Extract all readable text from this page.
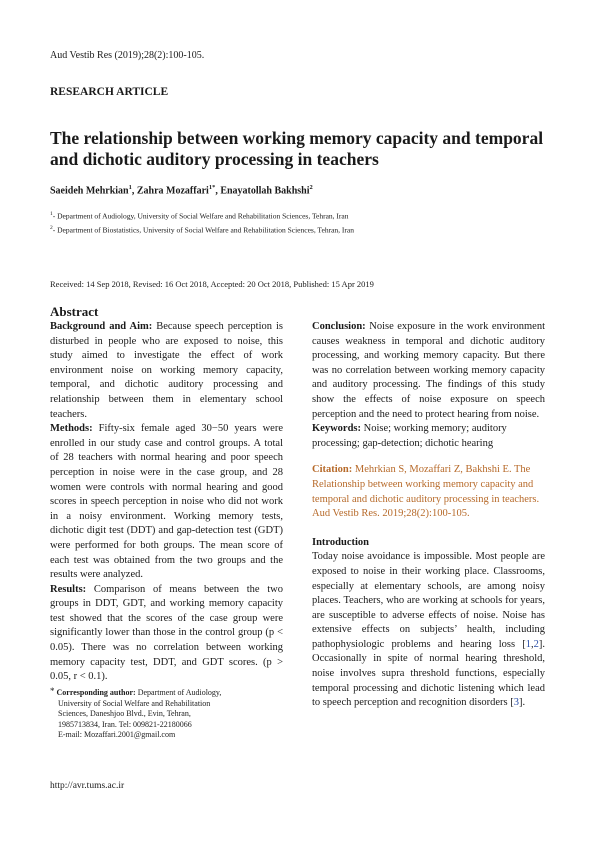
Aud Vestib Res (2019);28(2):100-105.
RESEARCH ARTICLE
The relationship between working memory capacity and temporal and dichotic auditory processing in teachers
Saeideh Mehrkian$^1$, Zahra Mozaffari$^{1*}$, Enayatollah Bakhshi$^2$
$^1$- Department of Audiology, University of Social Welfare and Rehabilitation Sciences, Tehran, Iran
$^2$- Department of Biostatistics, University of Social Welfare and Rehabilitation Sciences, Tehran, Iran
Received: 14 Sep 2018, Revised: 16 Oct 2018, Accepted: 20 Oct 2018, Published: 15 Apr 2019
Abstract

Background and Aim: Because speech perception is disturbed in people who are exposed to noise, this study aimed to investigate the effect of work environment noise on working memory capacity, temporal, and dichotic auditory processing and relationship between them in elementary school teachers.

Methods: Fifty-six female aged 30−50 years were enrolled in our study case and control groups. A total of 28 teachers with normal hearing and poor speech perception in noise were in the case group, and 28 women were controls with normal hearing and good scores in speech perception in noise who did not work in a noisy environment. Working memory tests, dichotic digit test (DDT) and gap-detection test (GDT) were performed for both groups. The mean score of each test was obtained from the two groups and the results were analyzed.

Results: Comparison of means between the two groups in DDT, GDT, and working memory capacity test showed that the scores of the case group were significantly lower than those in the control group (p < 0.05). There was no correlation between working memory capacity test, DDT, and GDT scores. (p > 0.05, r < 0.1).

Conclusion: Noise exposure in the work environment causes weakness in temporal and dichotic auditory processing, and working memory capacity. But there was no correlation between working memory capacity and auditory processing. The findings of this study show the effects of noise exposure on speech perception and the need to protect hearing from noise.

Keywords: Noise; working memory; auditory processing; gap-detection; dichotic hearing

Citation: Mehrkian S, Mozaffari Z, Bakhshi E. The Relationship between working memory capacity and temporal and dichotic auditory processing in teachers. Aud Vestib Res. 2019;28(2):100-105.

Introduction

Today noise avoidance is impossible. Most people are exposed to noise in their working place. Classrooms, especially at elementary schools, are among noisy places. Teachers, who are working at schools for years, are susceptible to adverse effects of noise. Noise has extensive effects on subjects’ health, including pathophysiologic problems and hearing loss [1,2]. Occasionally in spite of normal hearing threshold, noise involves supra threshold functions, especially temporal processing and dichotic listening which lead to speech perception and recognition disorders [3].

* Corresponding author: Department of Audiology,
University of Social Welfare and Rehabilitation
Sciences, Daneshjoo Blvd., Evin, Tehran,
1985713834, Iran. Tel: 009821-22180066
E-mail: Mozaffari.2001@gmail.com
http://avr.tums.ac.ir
